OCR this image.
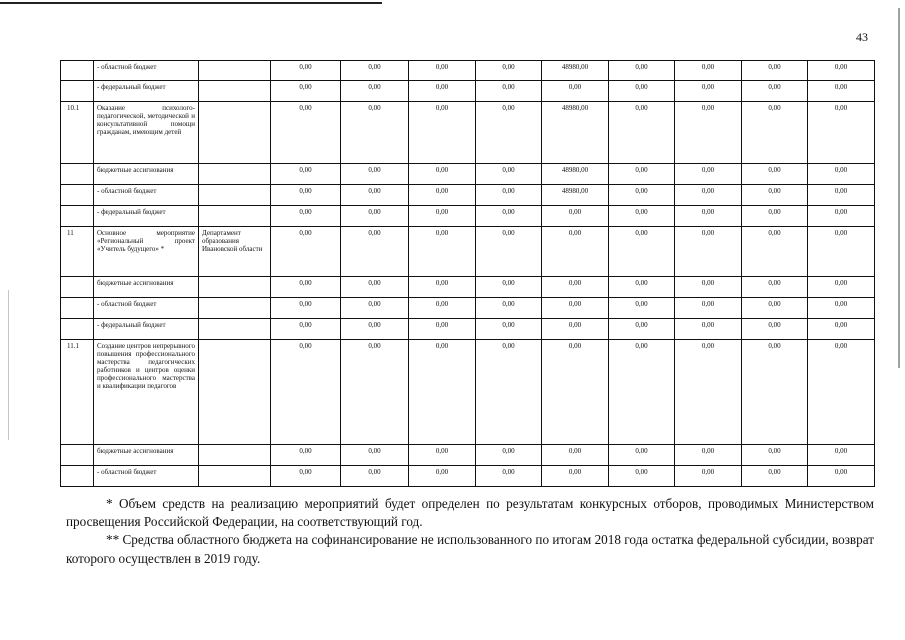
43
	- областной бюджет		0,00	0,00	0,00	0,00	48980,00	0,00	0,00	0,00	0,00
	- федеральный бюджет		0,00	0,00	0,00	0,00	0,00	0,00	0,00	0,00	0,00
10.1	Оказание психолого-педагогической, методической и консультативной помощи гражданам, имеющим детей		0,00	0,00	0,00	0,00	48980,00	0,00	0,00	0,00	0,00
	бюджетные ассигнования		0,00	0,00	0,00	0,00	48980,00	0,00	0,00	0,00	0,00
	- областной бюджет		0,00	0,00	0,00	0,00	48980,00	0,00	0,00	0,00	0,00
	- федеральный бюджет		0,00	0,00	0,00	0,00	0,00	0,00	0,00	0,00	0,00
11	Основное мероприятие «Региональный проект «Учитель будущего» *	Департамент образования Ивановской области	0,00	0,00	0,00	0,00	0,00	0,00	0,00	0,00	0,00
	бюджетные ассигнования		0,00	0,00	0,00	0,00	0,00	0,00	0,00	0,00	0,00
	- областной бюджет		0,00	0,00	0,00	0,00	0,00	0,00	0,00	0,00	0,00
	- федеральный бюджет		0,00	0,00	0,00	0,00	0,00	0,00	0,00	0,00	0,00
11.1	Создание центров непрерывного повышения профессионального мастерства педагогических работников и центров оценки профессионального мастерства и квалификации педагогов		0,00	0,00	0,00	0,00	0,00	0,00	0,00	0,00	0,00
	бюджетные ассигнования		0,00	0,00	0,00	0,00	0,00	0,00	0,00	0,00	0,00
	- областной бюджет		0,00	0,00	0,00	0,00	0,00	0,00	0,00	0,00	0,00

* Объем средств на реализацию мероприятий будет определен по результатам конкурсных отборов, проводимых Министерством просвещения Российской Федерации, на соответствующий год.

** Средства областного бюджета на софинансирование не использованного по итогам 2018 года остатка федеральной субсидии, возврат которого осуществлен в 2019 году.
